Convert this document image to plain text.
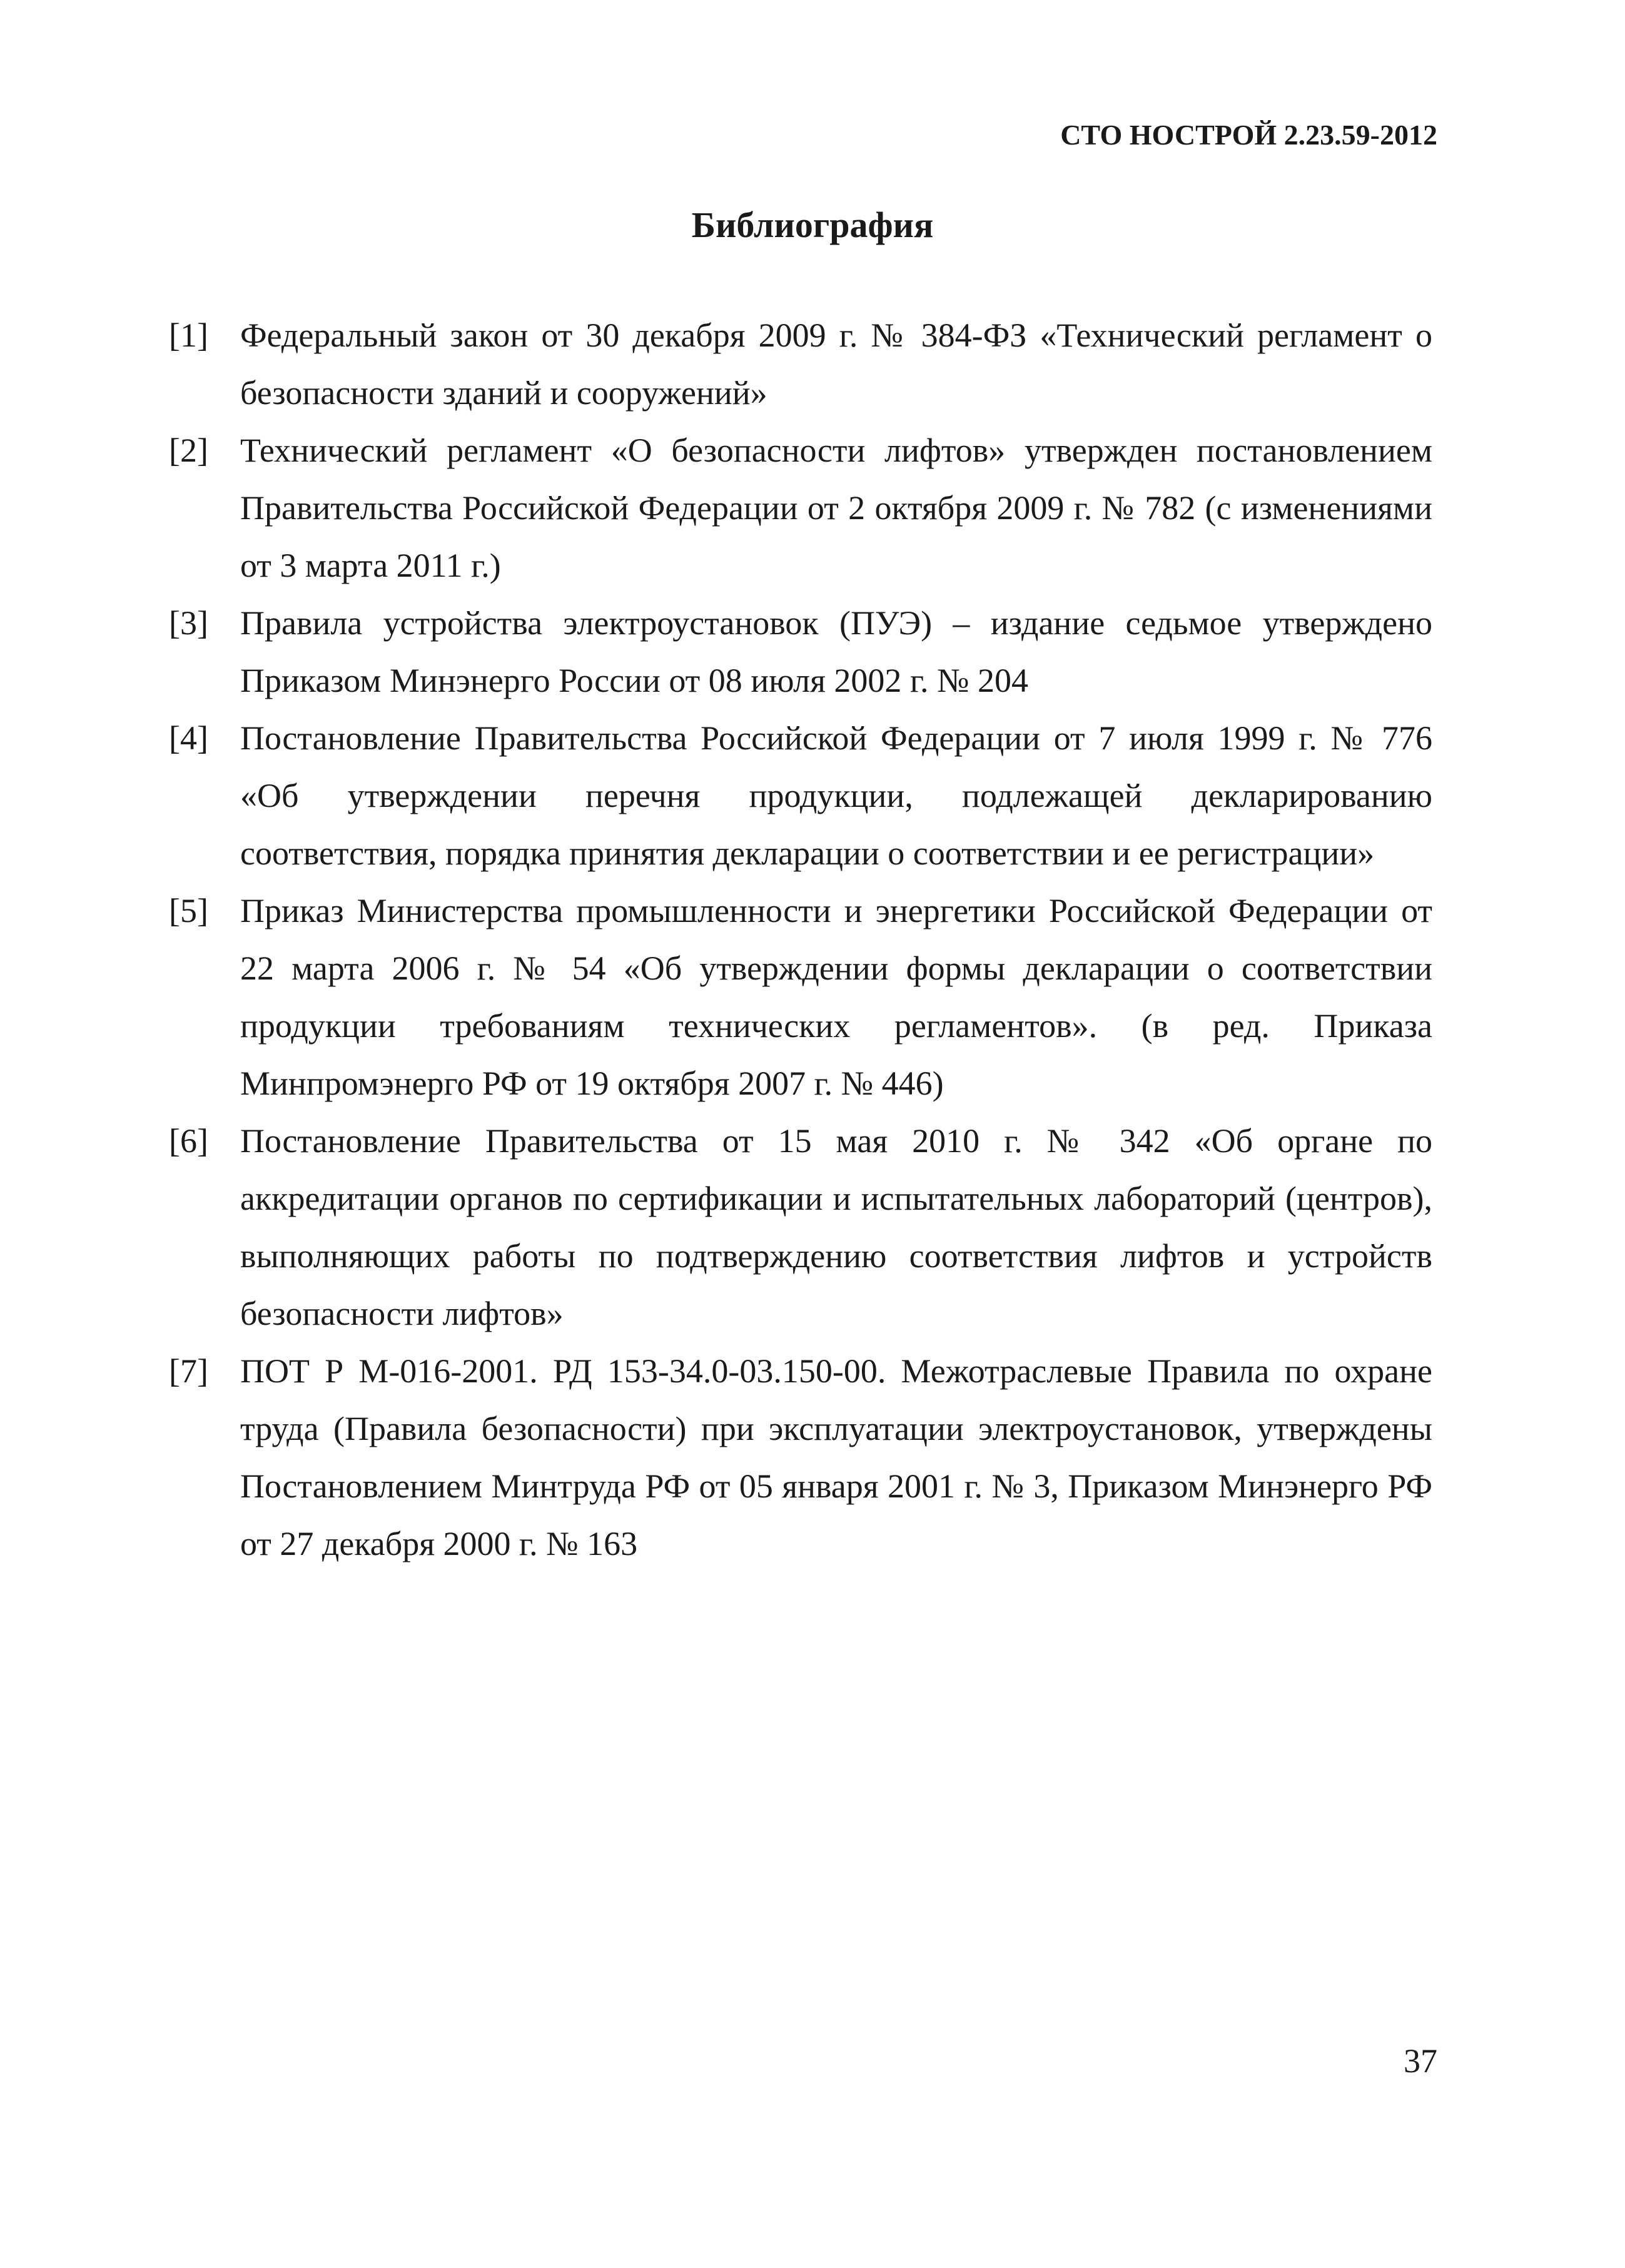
СТО НОСТРОЙ 2.23.59-2012
Библиография
[1] Федеральный закон от 30 декабря 2009 г. № 384-ФЗ «Технический регламент о безопасности зданий и сооружений»
[2] Технический регламент «О безопасности лифтов» утвержден постановлением Правительства Российской Федерации от 2 октября 2009 г. № 782 (с изменениями от 3 марта 2011 г.)
[3] Правила устройства электроустановок (ПУЭ) – издание седьмое утверждено Приказом Минэнерго России от 08 июля 2002 г. № 204
[4] Постановление Правительства Российской Федерации от 7 июля 1999 г. № 776 «Об утверждении перечня продукции, подлежащей декларированию соответствия, порядка принятия декларации о соответствии и ее регистрации»
[5] Приказ Министерства промышленности и энергетики Российской Федерации от 22 марта 2006 г. № 54 «Об утверждении формы декларации о соответствии продукции требованиям технических регламентов». (в ред. Приказа Минпромэнерго РФ от 19 октября 2007 г. № 446)
[6] Постановление Правительства от 15 мая 2010 г. № 342 «Об органе по аккредитации органов по сертификации и испытательных лабораторий (центров), выполняющих работы по подтверждению соответствия лифтов и устройств безопасности лифтов»
[7] ПОТ Р М-016-2001. РД 153-34.0-03.150-00. Межотраслевые Правила по охране труда (Правила безопасности) при эксплуатации электроустановок, утверждены Постановлением Минтруда РФ от 05 января 2001 г. № 3, Приказом Минэнерго РФ от 27 декабря 2000 г. № 163
37
